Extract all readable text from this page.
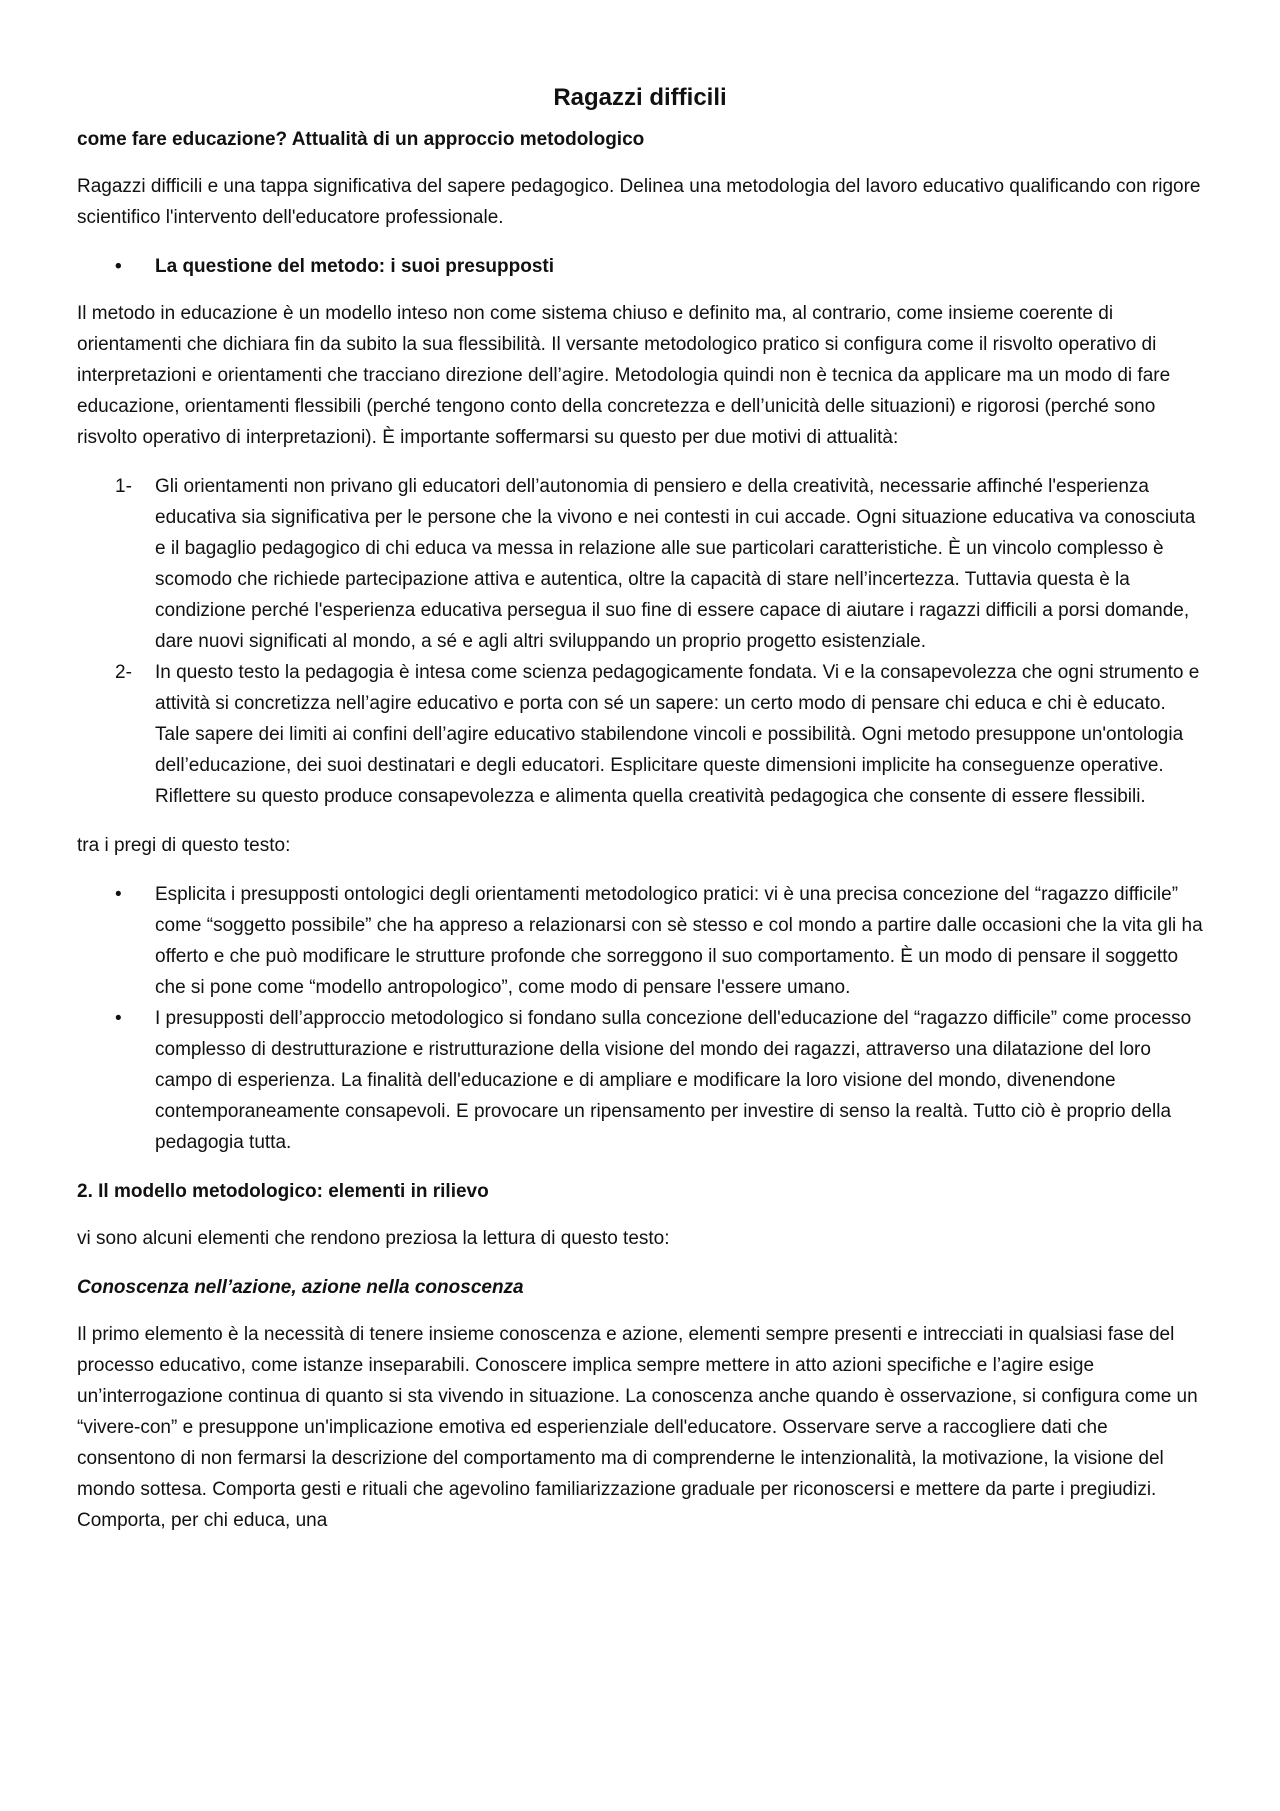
Ragazzi difficili
come fare educazione? Attualità di un approccio metodologico

Ragazzi difficili e una tappa significativa del sapere pedagogico. Delinea una metodologia del lavoro educativo qualificando con rigore scientifico l'intervento dell'educatore professionale.

•	La questione del metodo: i suoi presupposti

Il metodo in educazione è un modello inteso non come sistema chiuso e definito ma, al contrario, come insieme coerente di orientamenti che dichiara fin da subito la sua flessibilità. Il versante metodologico pratico si configura come il risvolto operativo di interpretazioni e orientamenti che tracciano direzione dell’agire. Metodologia quindi non è tecnica da applicare ma un modo di fare educazione, orientamenti flessibili (perché tengono conto della concretezza e dell’unicità delle situazioni) e rigorosi (perché sono risvolto operativo di interpretazioni). È importante soffermarsi su questo per due motivi di attualità:

1-	Gli orientamenti non privano gli educatori dell’autonomia di pensiero e della creatività, necessarie affinché l'esperienza educativa sia significativa per le persone che la vivono e nei contesti in cui accade. Ogni situazione educativa va conosciuta e il bagaglio pedagogico di chi educa va messa in relazione alle sue particolari caratteristiche. È un vincolo complesso è scomodo che richiede partecipazione attiva e autentica, oltre la capacità di stare nell’incertezza. Tuttavia questa è la condizione perché l'esperienza educativa persegua il suo fine di essere capace di aiutare i ragazzi difficili a porsi domande, dare nuovi significati al mondo, a sé e agli altri sviluppando un proprio progetto esistenziale.
2-	In questo testo la pedagogia è intesa come scienza pedagogicamente fondata. Vi e la consapevolezza che ogni strumento e attività si concretizza nell’agire educativo e porta con sé un sapere: un certo modo di pensare chi educa e chi è educato. Tale sapere dei limiti ai confini dell’agire educativo stabilendone vincoli e possibilità. Ogni metodo presuppone un'ontologia dell’educazione, dei suoi destinatari e degli educatori. Esplicitare queste dimensioni implicite ha conseguenze operative. Riflettere su questo produce consapevolezza e alimenta quella creatività pedagogica che consente di essere flessibili.

tra i pregi di questo testo:

•	Esplicita i presupposti ontologici degli orientamenti metodologico pratici: vi è una precisa concezione del “ragazzo difficile” come “soggetto possibile” che ha appreso a relazionarsi con sè stesso e col mondo a partire dalle occasioni che la vita gli ha offerto e che può modificare le strutture profonde che sorreggono il suo comportamento. È un modo di pensare il soggetto che si pone come “modello antropologico”, come modo di pensare l'essere umano.
•	I presupposti dell’approccio metodologico si fondano sulla concezione dell'educazione del “ragazzo difficile” come processo complesso di destrutturazione e ristrutturazione della visione del mondo dei ragazzi, attraverso una dilatazione del loro campo di esperienza. La finalità dell'educazione e di ampliare e modificare la loro visione del mondo, divenendone contemporaneamente consapevoli. E provocare un ripensamento per investire di senso la realtà. Tutto ciò è proprio della pedagogia tutta.
2. Il modello metodologico: elementi in rilievo

vi sono alcuni elementi che rendono preziosa la lettura di questo testo:

Conoscenza nell’azione, azione nella conoscenza

Il primo elemento è la necessità di tenere insieme conoscenza e azione, elementi sempre presenti e intrecciati in qualsiasi fase del processo educativo, come istanze inseparabili. Conoscere implica sempre mettere in atto azioni specifiche e l’agire esige un’interrogazione continua di quanto si sta vivendo in situazione. La conoscenza anche quando è osservazione, si configura come un “vivere-con” e presuppone un'implicazione emotiva ed esperienziale dell'educatore. Osservare serve a raccogliere dati che consentono di non fermarsi la descrizione del comportamento ma di comprenderne le intenzionalità, la motivazione, la visione del mondo sottesa. Comporta gesti e rituali che agevolino familiarizzazione graduale per riconoscersi e mettere da parte i pregiudizi. Comporta, per chi educa, una
